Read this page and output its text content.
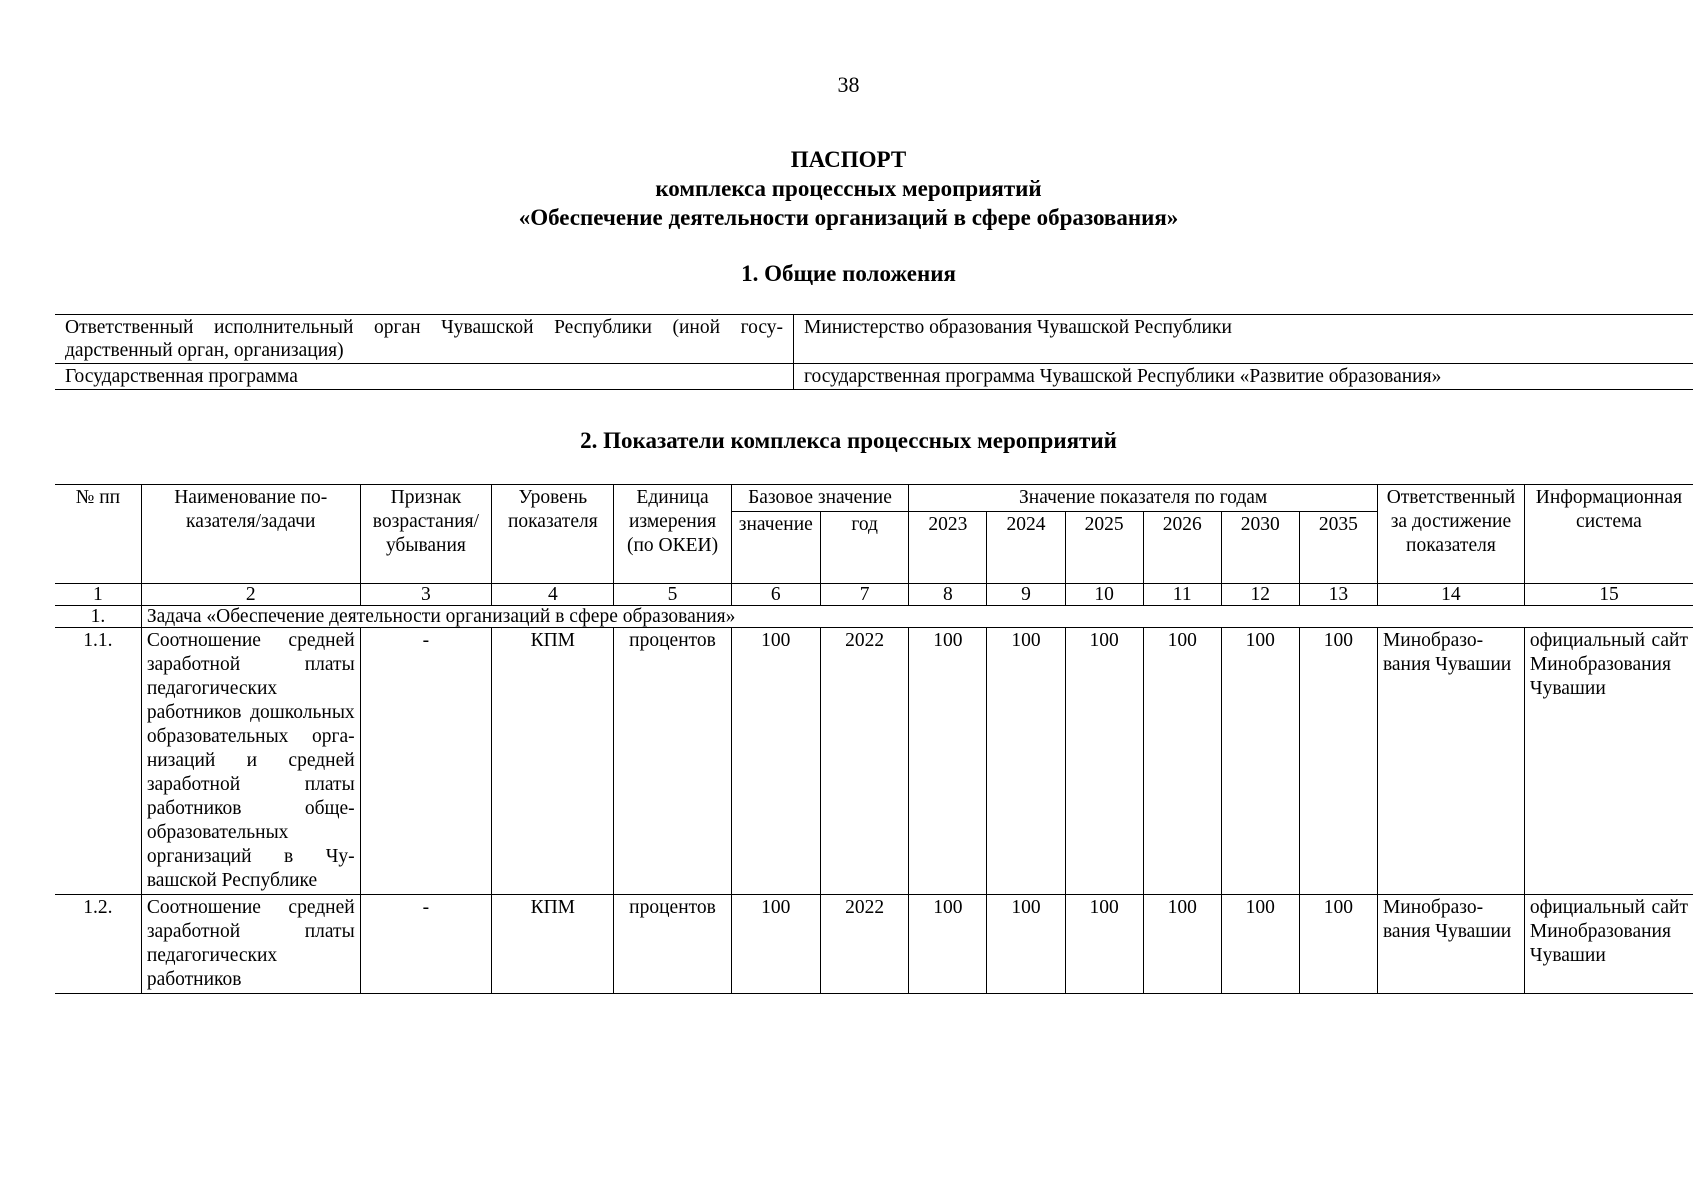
38
ПАСПОРТ
комплекса процессных мероприятий
«Обеспечение деятельности организаций в сфере образования»
1. Общие положения
Ответственный исполнительный орган Чувашской Республики (иной государственный орган, организация)	Министерство образования Чувашской Республики
Государственная программа	государственная программа Чувашской Республики «Развитие образования»
2. Показатели комплекса процессных мероприятий
№ пп	Наименование показателя/задачи	Признак возрастания/убывания	Уровень показателя	Единица измерения (по ОКЕИ)	Базовое значение		Значение показателя по годам						Ответственный за достижение показателя	Информационная система
					значение	год	2023	2024	2025	2026	2030	2035		
1	2	3	4	5	6	7	8	9	10	11	12	13	14	15
1.	Задача «Обеспечение деятельности организаций в сфере образования»													
1.1.	Соотношение средней заработной платы педагогических работников дошкольных образовательных организаций и средней заработной платы работников общеобразовательных организаций в Чувашской Республике	-	КПМ	процентов	100	2022	100	100	100	100	100	100	Минобразования Чувашии	официальный сайт Минобразования Чувашии
1.2.	Соотношение средней заработной платы педагогических работников	-	КПМ	процентов	100	2022	100	100	100	100	100	100	Минобразования Чувашии	официальный сайт Минобразования Чувашии
